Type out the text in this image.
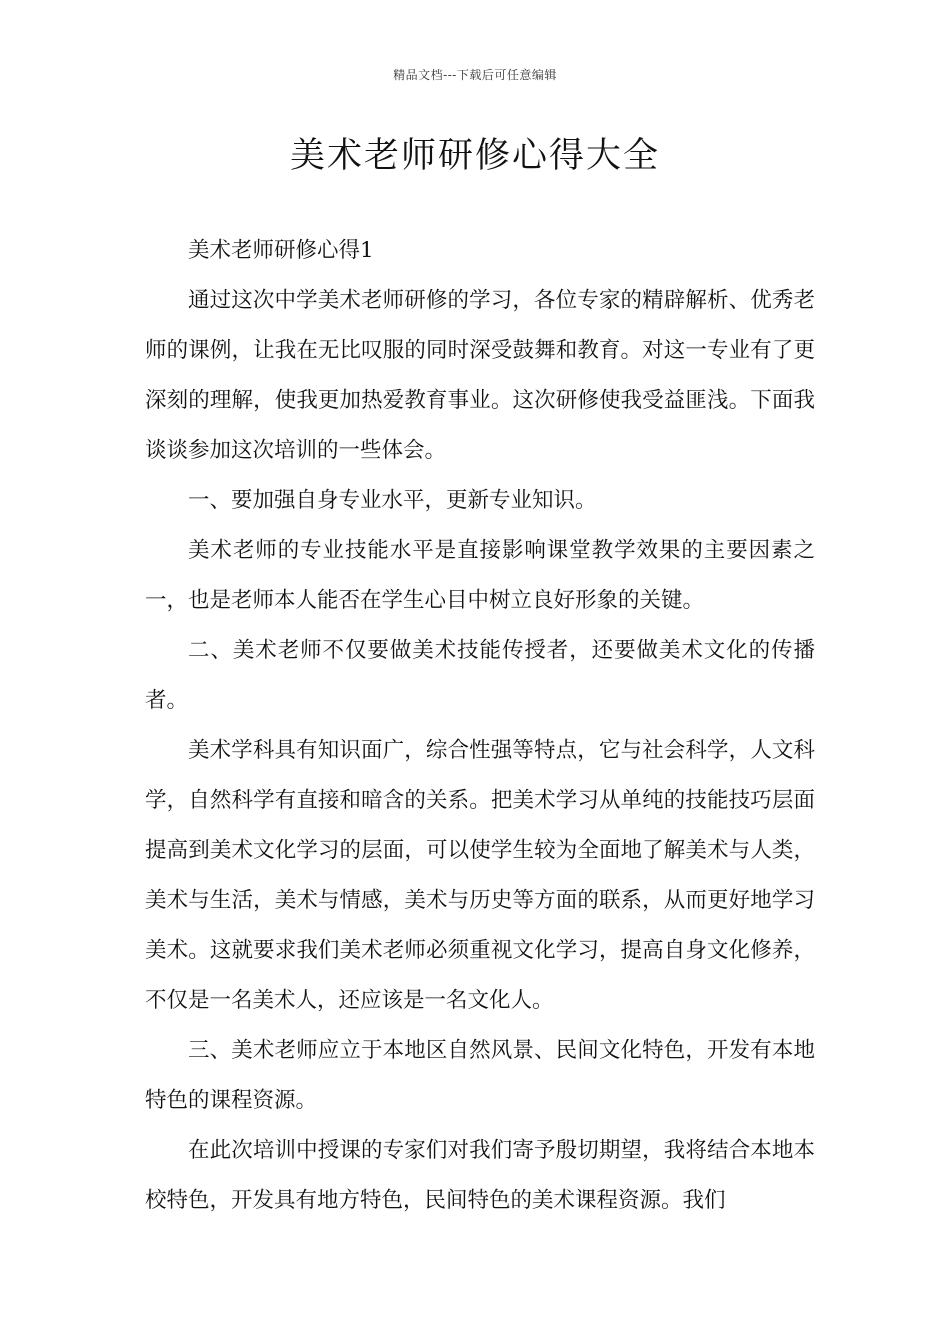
精品文档---下载后可任意编辑
美术老师研修心得大全

美术老师研修心得1

通过这次中学美术老师研修的学习，各位专家的精辟解析、优秀老师的课例，让我在无比叹服的同时深受鼓舞和教育。对这一专业有了更深刻的理解，使我更加热爱教育事业。这次研修使我受益匪浅。下面我谈谈参加这次培训的一些体会。

一、要加强自身专业水平，更新专业知识。

美术老师的专业技能水平是直接影响课堂教学效果的主要因素之一，也是老师本人能否在学生心目中树立良好形象的关键。

二、美术老师不仅要做美术技能传授者，还要做美术文化的传播者。

美术学科具有知识面广，综合性强等特点，它与社会科学，人文科学，自然科学有直接和暗含的关系。把美术学习从单纯的技能技巧层面提高到美术文化学习的层面，可以使学生较为全面地了解美术与人类，美术与生活，美术与情感，美术与历史等方面的联系，从而更好地学习美术。这就要求我们美术老师必须重视文化学习，提高自身文化修养，不仅是一名美术人，还应该是一名文化人。

三、美术老师应立于本地区自然风景、民间文化特色，开发有本地特色的课程资源。

在此次培训中授课的专家们对我们寄予殷切期望，我将结合本地本校特色，开发具有地方特色，民间特色的美术课程资源。我们
